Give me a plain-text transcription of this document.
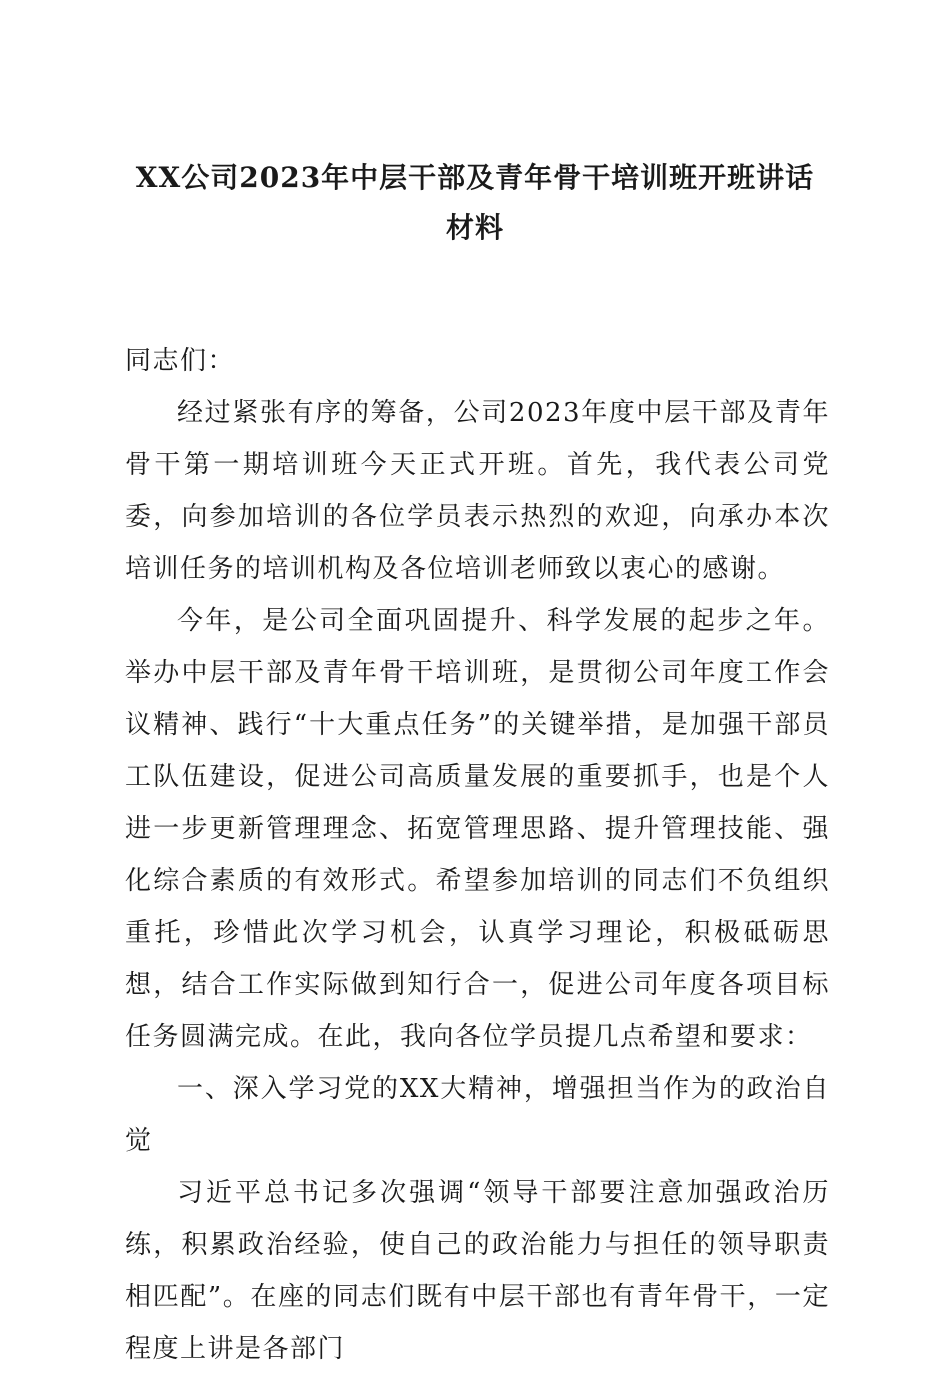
XX公司2023年中层干部及青年骨干培训班开班讲话材料

同志们：

经过紧张有序的筹备，公司2023年度中层干部及青年骨干第一期培训班今天正式开班。首先，我代表公司党委，向参加培训的各位学员表示热烈的欢迎，向承办本次培训任务的培训机构及各位培训老师致以衷心的感谢。

今年，是公司全面巩固提升、科学发展的起步之年。举办中层干部及青年骨干培训班，是贯彻公司年度工作会议精神、践行“十大重点任务”的关键举措，是加强干部员工队伍建设，促进公司高质量发展的重要抓手，也是个人进一步更新管理理念、拓宽管理思路、提升管理技能、强化综合素质的有效形式。希望参加培训的同志们不负组织重托，珍惜此次学习机会，认真学习理论，积极砥砺思想，结合工作实际做到知行合一，促进公司年度各项目标任务圆满完成。在此，我向各位学员提几点希望和要求：

一、深入学习党的XX大精神，增强担当作为的政治自觉

习近平总书记多次强调“领导干部要注意加强政治历练，积累政治经验，使自己的政治能力与担任的领导职责相匹配”。在座的同志们既有中层干部也有青年骨干，一定程度上讲是各部门
